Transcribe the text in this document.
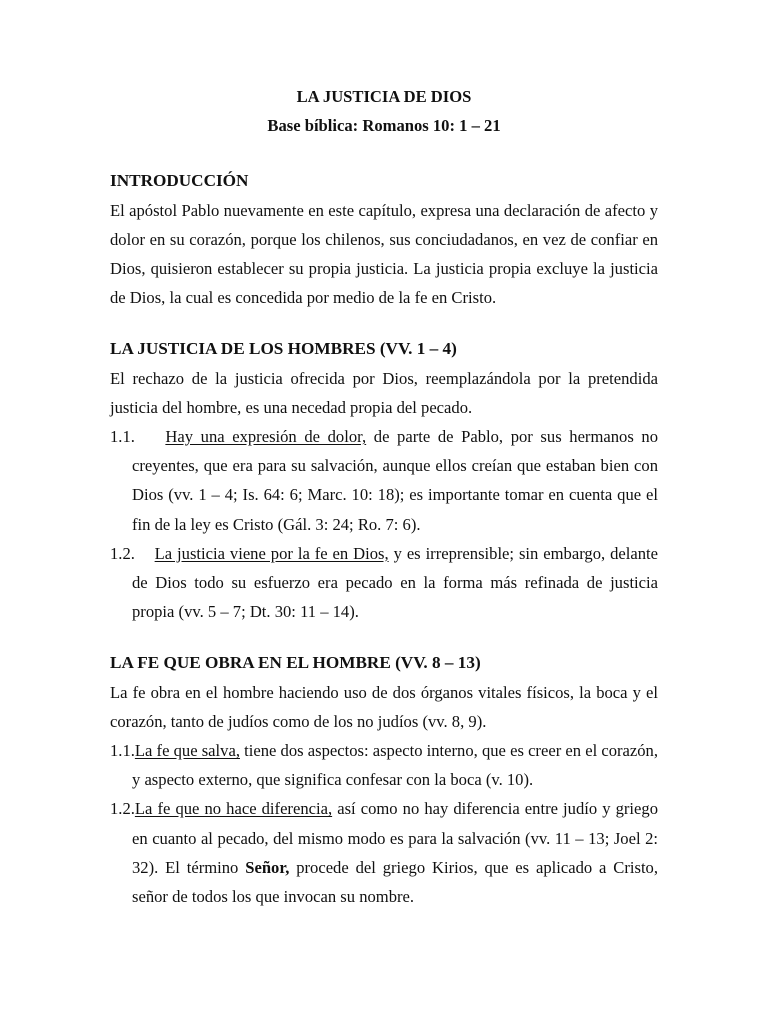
LA JUSTICIA DE DIOS

Base bíblica: Romanos 10: 1 – 21

INTRODUCCIÓN

El apóstol Pablo nuevamente en este capítulo, expresa una declaración de afecto y dolor en su corazón, porque los chilenos, sus conciudadanos, en vez de confiar en Dios, quisieron establecer su propia justicia. La justicia propia excluye la justicia de Dios, la cual es concedida por medio de la fe en Cristo.

LA JUSTICIA DE LOS HOMBRES (VV. 1 – 4)

El rechazo de la justicia ofrecida por Dios, reemplazándola por la pretendida justicia del hombre, es una necedad propia del pecado.

1.1. Hay una expresión de dolor, de parte de Pablo, por sus hermanos no creyentes, que era para su salvación, aunque ellos creían que estaban bien con Dios (vv. 1 – 4; Is. 64: 6; Marc. 10: 18); es importante tomar en cuenta que el fin de la ley es Cristo (Gál. 3: 24; Ro. 7: 6).

1.2. La justicia viene por la fe en Dios, y es irreprensible; sin embargo, delante de Dios todo su esfuerzo era pecado en la forma más refinada de justicia propia (vv. 5 – 7; Dt. 30: 11 – 14).

LA FE QUE OBRA EN EL HOMBRE (VV. 8 – 13)

La fe obra en el hombre haciendo uso de dos órganos vitales físicos, la boca y el corazón, tanto de judíos como de los no judíos (vv. 8, 9).

1.1.La fe que salva, tiene dos aspectos: aspecto interno, que es creer en el corazón, y aspecto externo, que significa confesar con la boca (v. 10).

1.2.La fe que no hace diferencia, así como no hay diferencia entre judío y griego en cuanto al pecado, del mismo modo es para la salvación (vv. 11 – 13; Joel 2: 32). El término Señor, procede del griego Kirios, que es aplicado a Cristo, señor de todos los que invocan su nombre.
